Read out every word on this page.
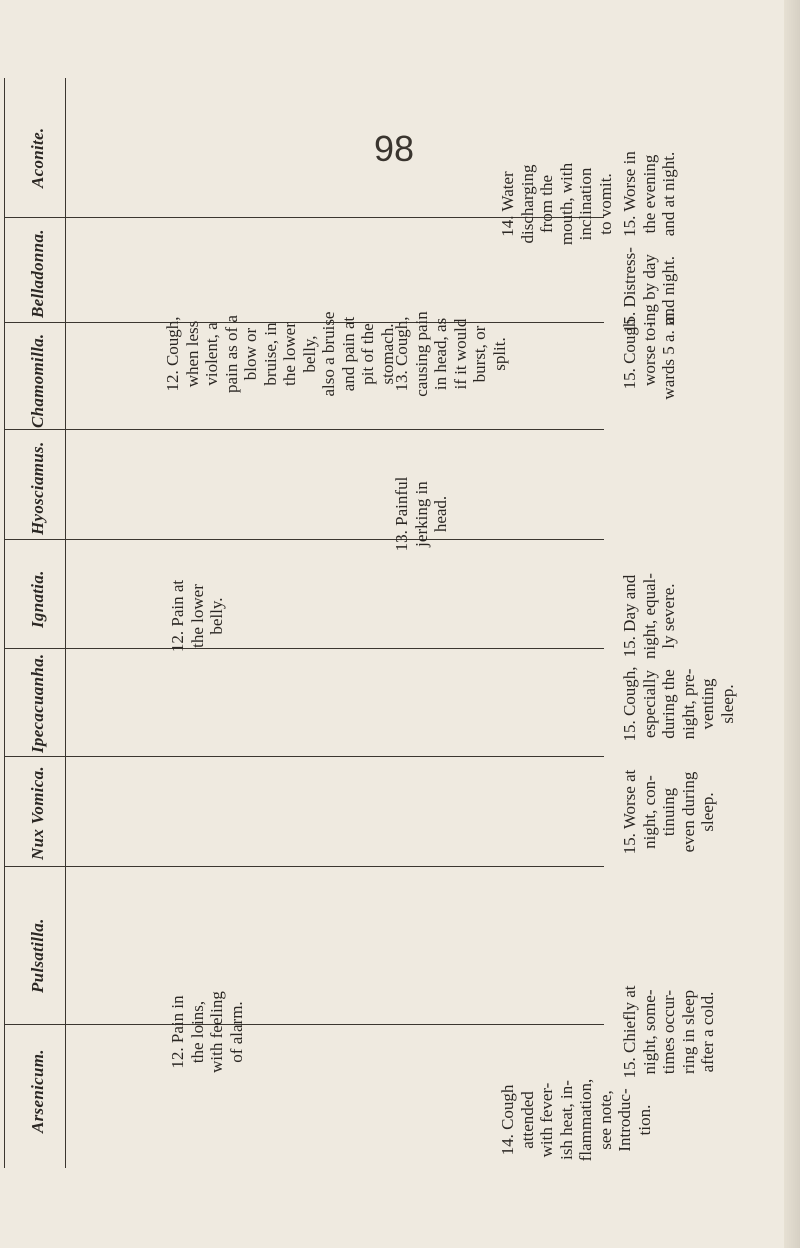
98
Arsenicum.
Pulsatilla.
Nux Vomica.
Ipecacuanha.
Ignatia.
Hyosciamus.
Chamomilla.
Belladonna.
Aconite.
15. Worse in
the evening
and at night.
14. Water
discharging
from the
mouth, with
inclination
to vomit.
15. Distress-
ing by day
and night.
12. Cough,
when less
violent, a
pain as of a
blow or
bruise, in
the lower
belly,
also a bruise
and pain at
pit of the
stomach.
13. Cough,
causing pain
in head, as
if it would
burst, or
split.
15. Cough
worse to-
wards 5 a. m.
13. Painful
jerking in
head.
12. Pain at
the lower
belly.
15. Day and
night, equal-
ly severe.
15. Cough,
especially
during the
night, pre-
venting
sleep.
15. Worse at
night, con-
tinuing
even during
sleep.
12. Pain in
the loins,
with feeling
of alarm.
15. Chiefly at
night, some-
times occur-
ring in sleep
after a cold.
14. Cough
attended
with fever-
ish heat, in-
flammation,
see note,
Introduc-
tion.
